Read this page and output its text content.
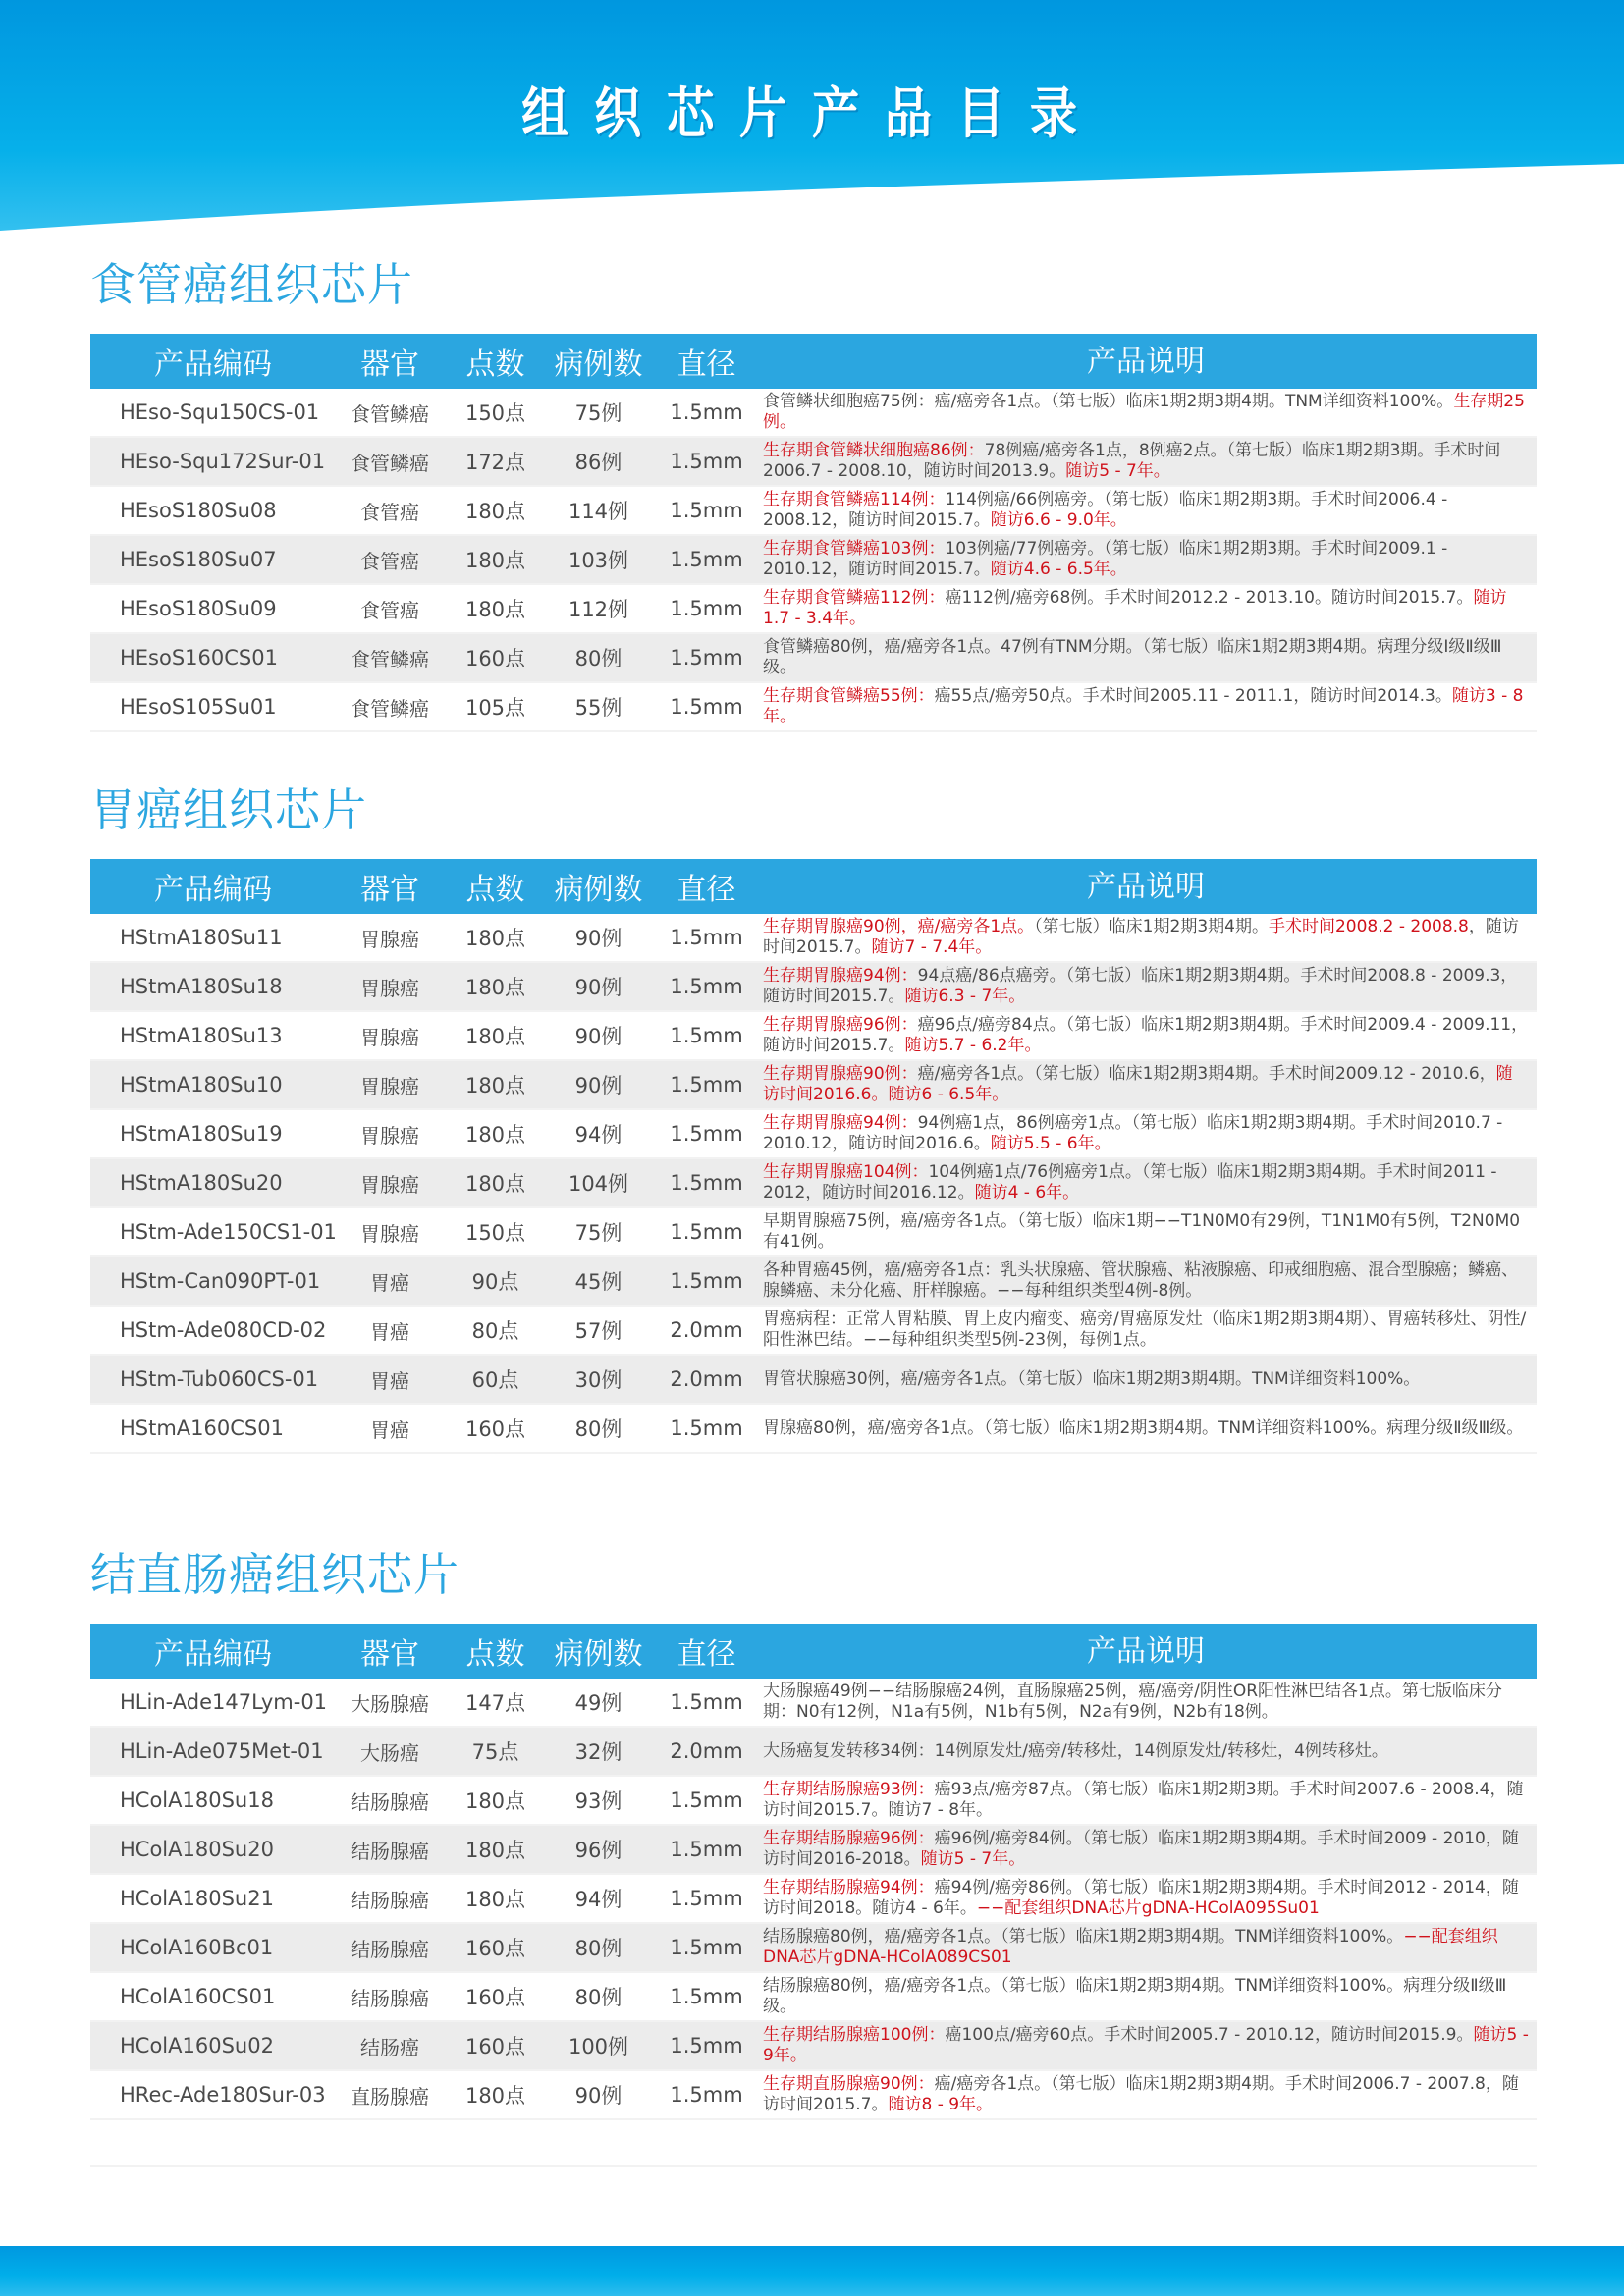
组织芯片产品目录
食管癌组织芯片
产品编码	器官	点数	病例数	直径	产品说明
HEso-Squ150CS-01	食管鳞癌	150点	75例	1.5mm	食管鳞状细胞癌75例：癌/癌旁各1点。（第七版）临床1期2期3期4期。TNM详细资料100%。生存期25例。
HEso-Squ172Sur-01	食管鳞癌	172点	86例	1.5mm	生存期食管鳞状细胞癌86例：78例癌/癌旁各1点，8例癌2点。（第七版）临床1期2期3期。手术时间2006.7 - 2008.10，随访时间2013.9。随访5 - 7年。
HEsoS180Su08	食管癌	180点	114例	1.5mm	生存期食管鳞癌114例：114例癌/66例癌旁。（第七版）临床1期2期3期。手术时间2006.4 - 2008.12，随访时间2015.7。随访6.6 - 9.0年。
HEsoS180Su07	食管癌	180点	103例	1.5mm	生存期食管鳞癌103例：103例癌/77例癌旁。（第七版）临床1期2期3期。手术时间2009.1 - 2010.12，随访时间2015.7。随访4.6 - 6.5年。
HEsoS180Su09	食管癌	180点	112例	1.5mm	生存期食管鳞癌112例：癌112例/癌旁68例。手术时间2012.2 - 2013.10。随访时间2015.7。随访1.7 - 3.4年。
HEsoS160CS01	食管鳞癌	160点	80例	1.5mm	食管鳞癌80例，癌/癌旁各1点。47例有TNM分期。（第七版）临床1期2期3期4期。病理分级Ⅰ级Ⅱ级Ⅲ级。
HEsoS105Su01	食管鳞癌	105点	55例	1.5mm	生存期食管鳞癌55例：癌55点/癌旁50点。手术时间2005.11 - 2011.1，随访时间2014.3。随访3 - 8年。
胃癌组织芯片
产品编码	器官	点数	病例数	直径	产品说明
HStmA180Su11	胃腺癌	180点	90例	1.5mm	生存期胃腺癌90例，癌/癌旁各1点。（第七版）临床1期2期3期4期。手术时间2008.2 - 2008.8，随访时间2015.7。随访7 - 7.4年。
HStmA180Su18	胃腺癌	180点	90例	1.5mm	生存期胃腺癌94例：94点癌/86点癌旁。（第七版）临床1期2期3期4期。手术时间2008.8 - 2009.3，随访时间2015.7。随访6.3 - 7年。
HStmA180Su13	胃腺癌	180点	90例	1.5mm	生存期胃腺癌96例：癌96点/癌旁84点。（第七版）临床1期2期3期4期。手术时间2009.4 - 2009.11，随访时间2015.7。随访5.7 - 6.2年。
HStmA180Su10	胃腺癌	180点	90例	1.5mm	生存期胃腺癌90例：癌/癌旁各1点。（第七版）临床1期2期3期4期。手术时间2009.12 - 2010.6，随访时间2016.6。随访6 - 6.5年。
HStmA180Su19	胃腺癌	180点	94例	1.5mm	生存期胃腺癌94例：94例癌1点，86例癌旁1点。（第七版）临床1期2期3期4期。手术时间2010.7 - 2010.12，随访时间2016.6。随访5.5 - 6年。
HStmA180Su20	胃腺癌	180点	104例	1.5mm	生存期胃腺癌104例：104例癌1点/76例癌旁1点。（第七版）临床1期2期3期4期。手术时间2011 - 2012，随访时间2016.12。随访4 - 6年。
HStm-Ade150CS1-01	胃腺癌	150点	75例	1.5mm	早期胃腺癌75例，癌/癌旁各1点。（第七版）临床1期−−T1N0M0有29例，T1N1M0有5例，T2N0M0有41例。
HStm-Can090PT-01	胃癌	90点	45例	1.5mm	各种胃癌45例，癌/癌旁各1点：乳头状腺癌、管状腺癌、粘液腺癌、印戒细胞癌、混合型腺癌；鳞癌、腺鳞癌、未分化癌、肝样腺癌。−−每种组织类型4例-8例。
HStm-Ade080CD-02	胃癌	80点	57例	2.0mm	胃癌病程：正常人胃粘膜、胃上皮内瘤变、癌旁/胃癌原发灶（临床1期2期3期4期）、胃癌转移灶、阴性/阳性淋巴结。−−每种组织类型5例-23例，每例1点。
HStm-Tub060CS-01	胃癌	60点	30例	2.0mm	胃管状腺癌30例，癌/癌旁各1点。（第七版）临床1期2期3期4期。TNM详细资料100%。
HStmA160CS01	胃癌	160点	80例	1.5mm	胃腺癌80例，癌/癌旁各1点。（第七版）临床1期2期3期4期。TNM详细资料100%。病理分级Ⅱ级Ⅲ级。
结直肠癌组织芯片
产品编码	器官	点数	病例数	直径	产品说明
HLin-Ade147Lym-01	大肠腺癌	147点	49例	1.5mm	大肠腺癌49例−−结肠腺癌24例，直肠腺癌25例，癌/癌旁/阴性OR阳性淋巴结各1点。第七版临床分期：N0有12例，N1a有5例，N1b有5例，N2a有9例，N2b有18例。
HLin-Ade075Met-01	大肠癌	75点	32例	2.0mm	大肠癌复发转移34例：14例原发灶/癌旁/转移灶，14例原发灶/转移灶，4例转移灶。
HColA180Su18	结肠腺癌	180点	93例	1.5mm	生存期结肠腺癌93例：癌93点/癌旁87点。（第七版）临床1期2期3期。手术时间2007.6 - 2008.4，随访时间2015.7。随访7 - 8年。
HColA180Su20	结肠腺癌	180点	96例	1.5mm	生存期结肠腺癌96例：癌96例/癌旁84例。（第七版）临床1期2期3期4期。手术时间2009 - 2010，随访时间2016-2018。随访5 - 7年。
HColA180Su21	结肠腺癌	180点	94例	1.5mm	生存期结肠腺癌94例：癌94例/癌旁86例。（第七版）临床1期2期3期4期。手术时间2012 - 2014，随访时间2018。随访4 - 6年。−−配套组织DNA芯片gDNA-HColA095Su01
HColA160Bc01	结肠腺癌	160点	80例	1.5mm	结肠腺癌80例，癌/癌旁各1点。（第七版）临床1期2期3期4期。TNM详细资料100%。−−配套组织DNA芯片gDNA-HColA089CS01
HColA160CS01	结肠腺癌	160点	80例	1.5mm	结肠腺癌80例，癌/癌旁各1点。（第七版）临床1期2期3期4期。TNM详细资料100%。病理分级Ⅱ级Ⅲ级。
HColA160Su02	结肠癌	160点	100例	1.5mm	生存期结肠腺癌100例：癌100点/癌旁60点。手术时间2005.7 - 2010.12，随访时间2015.9。随访5 - 9年。
HRec-Ade180Sur-03	直肠腺癌	180点	90例	1.5mm	生存期直肠腺癌90例：癌/癌旁各1点。（第七版）临床1期2期3期4期。手术时间2006.7 - 2007.8，随访时间2015.7。随访8 - 9年。
